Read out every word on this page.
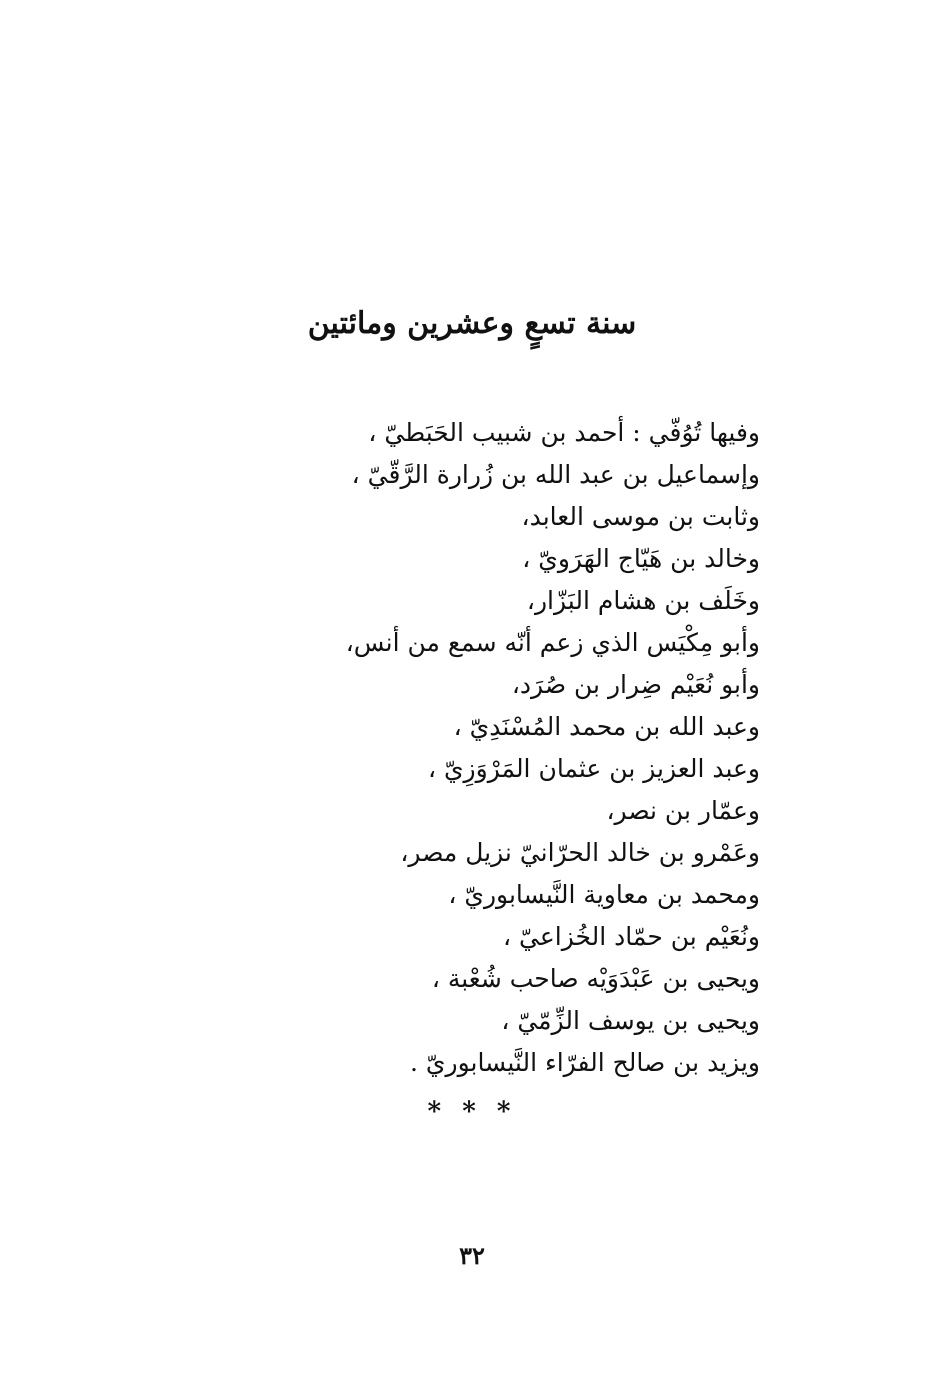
سنة تسعٍ وعشرين ومائتين
وفيها تُوُفّي : أحمد بن شبيب الحَبَطيّ ،
وإسماعيل بن عبد الله بن زُرارة الرَّقّيّ ،
وثابت بن موسى العابد،
وخالد بن هَيّاج الهَرَويّ ،
وخَلَف بن هشام البَزّار،
وأبو مِكْيَس الذي زعم أنّه سمع من أنس،
وأبو نُعَيْم ضِرار بن صُرَد،
وعبد الله بن محمد المُسْنَدِيّ ،
وعبد العزيز بن عثمان المَرْوَزِيّ ،
وعمّار بن نصر،
وعَمْرو بن خالد الحرّانيّ نزيل مصر،
ومحمد بن معاوية النَّيسابوريّ ،
ونُعَيْم بن حمّاد الخُزاعيّ ،
ويحيى بن عَبْدَوَيْه صاحب شُعْبة ،
ويحيى بن يوسف الزِّمّيّ ،
ويزيد بن صالح الفرّاء النَّيسابوريّ .
* * *
٣٢
